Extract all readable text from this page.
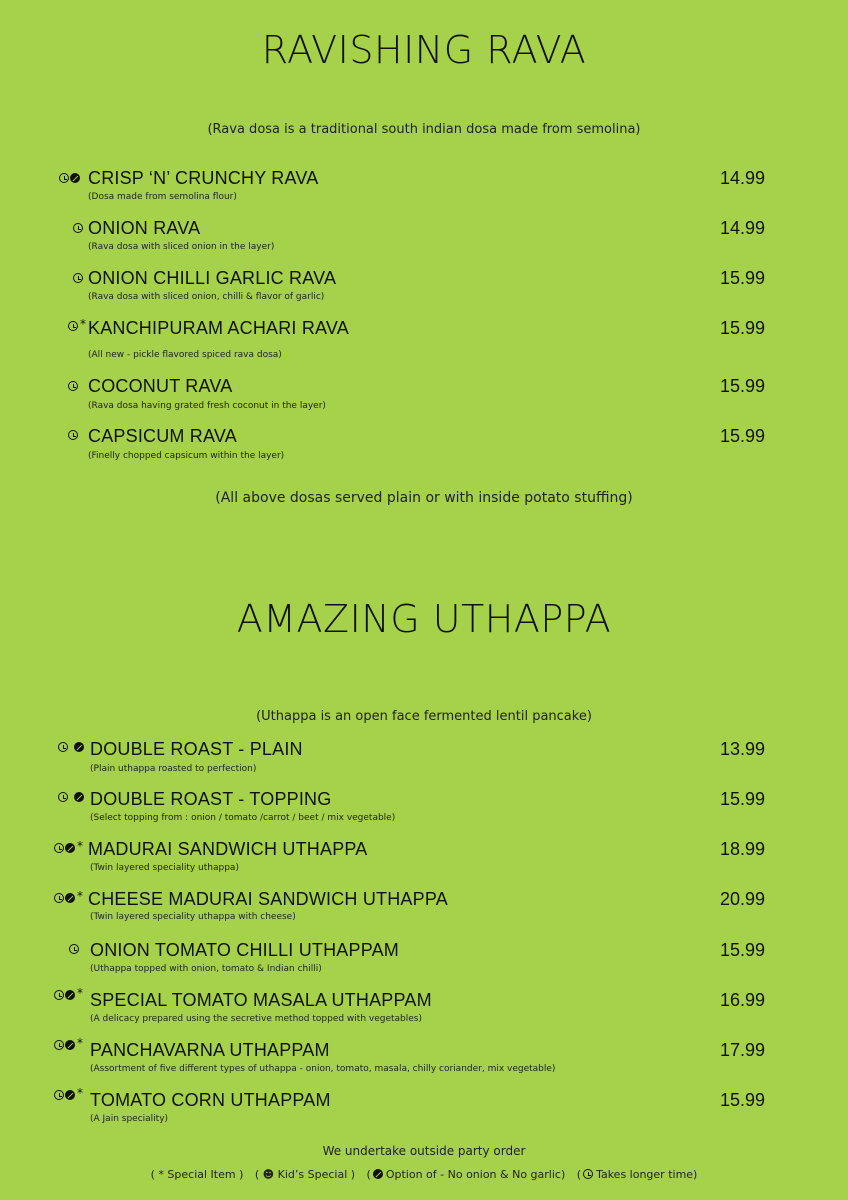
RAVISHING RAVA
(Rava dosa is a traditional south indian dosa made from semolina)
CRISP ‘N’ CRUNCHY RAVA
(Dosa made from semolina flour)
14.99
ONION RAVA
(Rava dosa with sliced onion in the layer)
14.99
ONION CHILLI GARLIC RAVA
(Rava dosa with sliced onion, chilli & flavor of garlic)
15.99
* KANCHIPURAM ACHARI RAVA
(All new - pickle flavored spiced rava dosa)
15.99
COCONUT RAVA
(Rava dosa having grated fresh coconut in the layer)
15.99
CAPSICUM RAVA
(Finelly chopped capsicum within the layer)
15.99
(All above dosas served plain or with inside potato stuffing)
AMAZING UTHAPPA
(Uthappa is an open face fermented lentil pancake)
DOUBLE ROAST - PLAIN
(Plain uthappa roasted to perfection)
13.99
DOUBLE ROAST - TOPPING
(Select topping from : onion / tomato /carrot / beet / mix vegetable)
15.99
* MADURAI SANDWICH UTHAPPA
(Twin layered speciality uthappa)
18.99
* CHEESE MADURAI SANDWICH UTHAPPA
(Twin layered speciality uthappa with cheese)
20.99
ONION TOMATO CHILLI UTHAPPAM
(Uthappa topped with onion, tomato & Indian chilli)
15.99
* SPECIAL TOMATO MASALA UTHAPPAM
(A delicacy prepared using the secretive method topped with vegetables)
16.99
* PANCHAVARNA UTHAPPAM
(Assortment of five different types of uthappa - onion, tomato, masala, chilly coriander, mix vegetable)
17.99
* TOMATO CORN UTHAPPAM
(A Jain speciality)
15.99
We undertake outside party order
( * Special Item ) ( ☻ Kid’s Special ) ( Option of - No onion & No garlic) ( Takes longer time)
